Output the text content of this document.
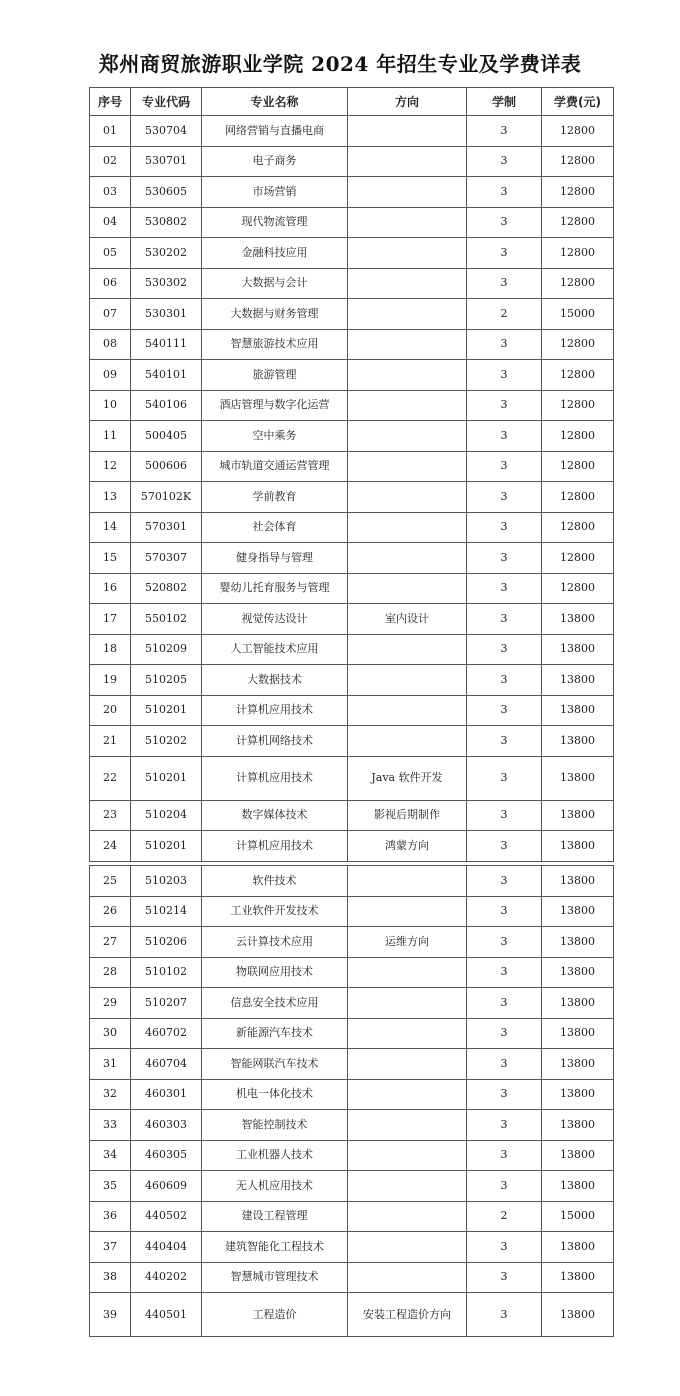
郑州商贸旅游职业学院 2024 年招生专业及学费详表
序号	专业代码	专业名称	方向	学制	学费(元)
01	530704	网络营销与直播电商		3	12800
02	530701	电子商务		3	12800
03	530605	市场营销		3	12800
04	530802	现代物流管理		3	12800
05	530202	金融科技应用		3	12800
06	530302	大数据与会计		3	12800
07	530301	大数据与财务管理		2	15000
08	540111	智慧旅游技术应用		3	12800
09	540101	旅游管理		3	12800
10	540106	酒店管理与数字化运营		3	12800
11	500405	空中乘务		3	12800
12	500606	城市轨道交通运营管理		3	12800
13	570102K	学前教育		3	12800
14	570301	社会体育		3	12800
15	570307	健身指导与管理		3	12800
16	520802	婴幼儿托育服务与管理		3	12800
17	550102	视觉传达设计	室内设计	3	13800
18	510209	人工智能技术应用		3	13800
19	510205	大数据技术		3	13800
20	510201	计算机应用技术		3	13800
21	510202	计算机网络技术		3	13800
22	510201	计算机应用技术	Java 软件开发	3	13800
23	510204	数字媒体技术	影视后期制作	3	13800
24	510201	计算机应用技术	鸿蒙方向	3	13800
25	510203	软件技术		3	13800
26	510214	工业软件开发技术		3	13800
27	510206	云计算技术应用	运维方向	3	13800
28	510102	物联网应用技术		3	13800
29	510207	信息安全技术应用		3	13800
30	460702	新能源汽车技术		3	13800
31	460704	智能网联汽车技术		3	13800
32	460301	机电一体化技术		3	13800
33	460303	智能控制技术		3	13800
34	460305	工业机器人技术		3	13800
35	460609	无人机应用技术		3	13800
36	440502	建设工程管理		2	15000
37	440404	建筑智能化工程技术		3	13800
38	440202	智慧城市管理技术		3	13800
39	440501	工程造价	安装工程造价方向	3	13800
